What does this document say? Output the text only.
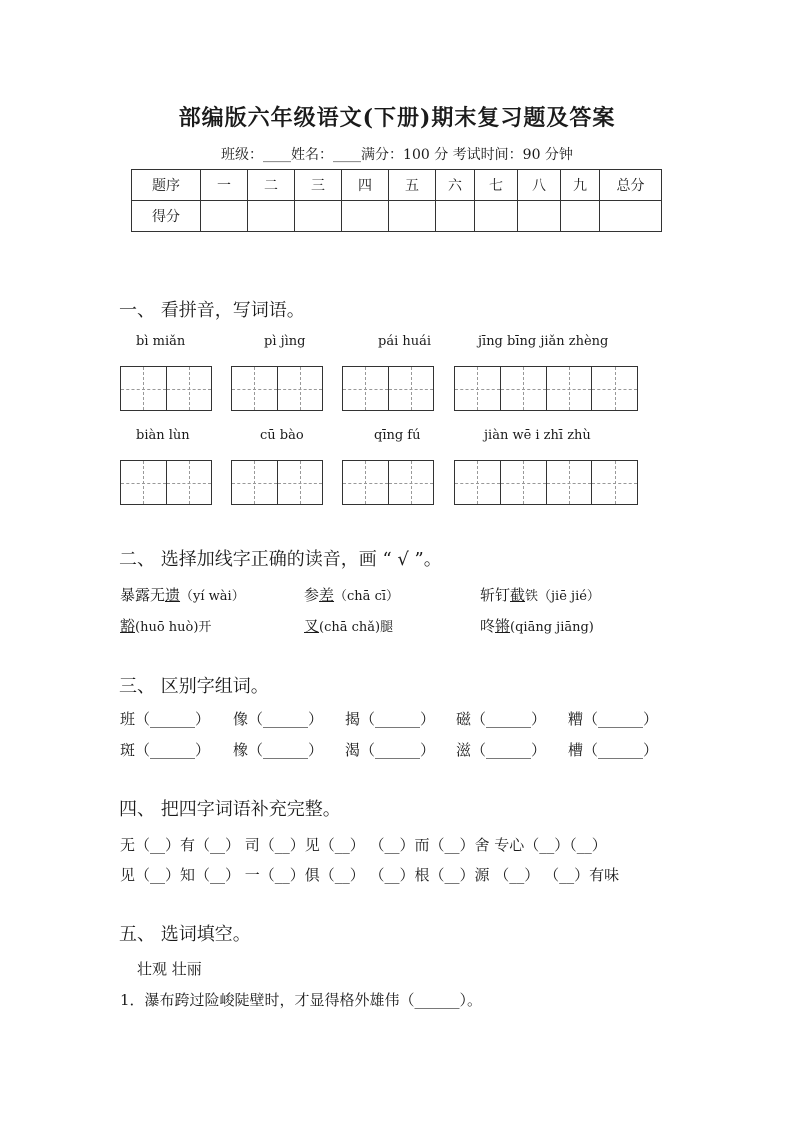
部编版六年级语文(下册)期末复习题及答案
班级：____姓名：____满分：100 分 考试时间：90 分钟
题序	一	二	三	四	五	六	七	八	九	总分
得分										
一、 看拼音，写词语。
bì miǎn	pì jìng	pái huái	jīng bīng jiǎn zhèng
biàn lùn	cū bào	qīng fú	jiàn wē i zhī zhù
二、 选择加线字正确的读音，画 “ √ ”。
暴露无遗（yí wài）	参差（chā cī）	斩钉截铁（jiē jié）
豁(huō huò)开	叉(chā chǎ)腿	咚锵(qiāng jiāng)
三、 区别字组词。
班（______） 像（______） 揭（______） 磁（______） 糟（______）
斑（______） 橡（______） 渴（______） 滋（______） 槽（______）
四、 把四字词语补充完整。
无（__）有（__） 司（__）见（__） （__）而（__）舍 专心（__）（__）
见（__）知（__） 一（__）俱（__） （__）根（__）源 （__） （__）有味
五、 选词填空。
壮观 壮丽
1．瀑布跨过险峻陡壁时，才显得格外雄伟（______）。
